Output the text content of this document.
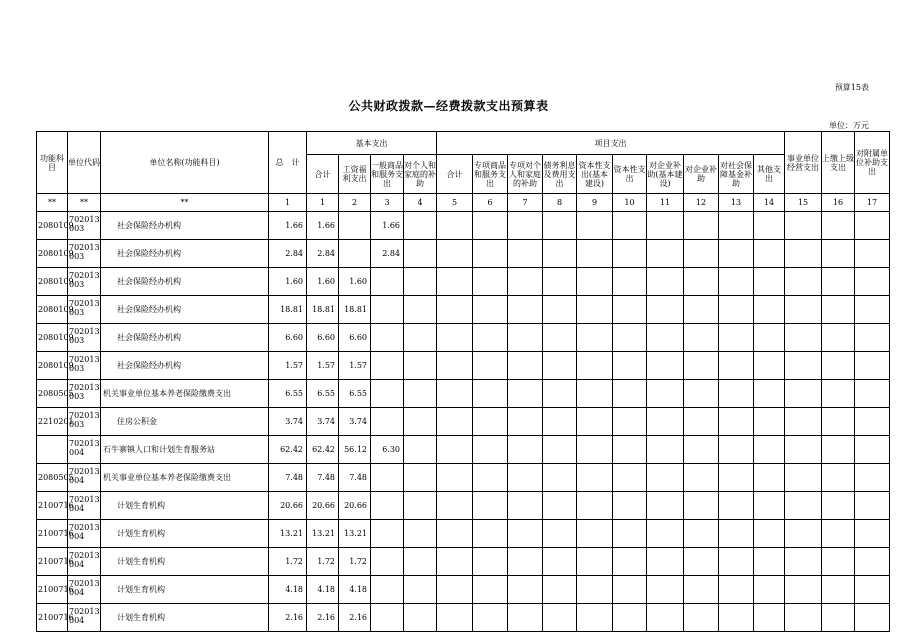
预算15表
公共财政拨款—经费拨款支出预算表
单位：万元
功能科目	单位代码	单位名称(功能科目)	总　计	基本支出				项目支出										事业单位经营支出	上缴上级支出	对附属单位补助支出
				合计	工资福利支出	一般商品和服务支出	对个人和家庭的补助	合计	专项商品和服务支出	专项对个人和家庭的补助	债务利息及费用支出	资本性支出(基本建设)	资本性支出	对企业补助(基本建设)	对企业补助	对社会保障基金补助	其他支出			
**	**	**	1	1	2	3	4	5	6	7	8	9	10	11	12	13	14	15	16	17
2080109	702013003	社会保险经办机构	1.66	1.66		1.66														
2080109	702013003	社会保险经办机构	2.84	2.84		2.84														
2080109	702013003	社会保险经办机构	1.60	1.60	1.60															
2080109	702013003	社会保险经办机构	18.81	18.81	18.81															
2080109	702013003	社会保险经办机构	6.60	6.60	6.60															
2080109	702013003	社会保险经办机构	1.57	1.57	1.57															
2080505	702013003	机关事业单位基本养老保险缴费支出	6.55	6.55	6.55															
2210201	702013003	住房公积金	3.74	3.74	3.74															
	702013004	石牛寨镇人口和计划生育服务站	62.42	62.42	56.12	6.30														
2080505	702013004	机关事业单位基本养老保险缴费支出	7.48	7.48	7.48															
2100716	702013004	计划生育机构	20.66	20.66	20.66															
2100716	702013004	计划生育机构	13.21	13.21	13.21															
2100716	702013004	计划生育机构	1.72	1.72	1.72															
2100716	702013004	计划生育机构	4.18	4.18	4.18															
2100716	702013004	计划生育机构	2.16	2.16	2.16															
